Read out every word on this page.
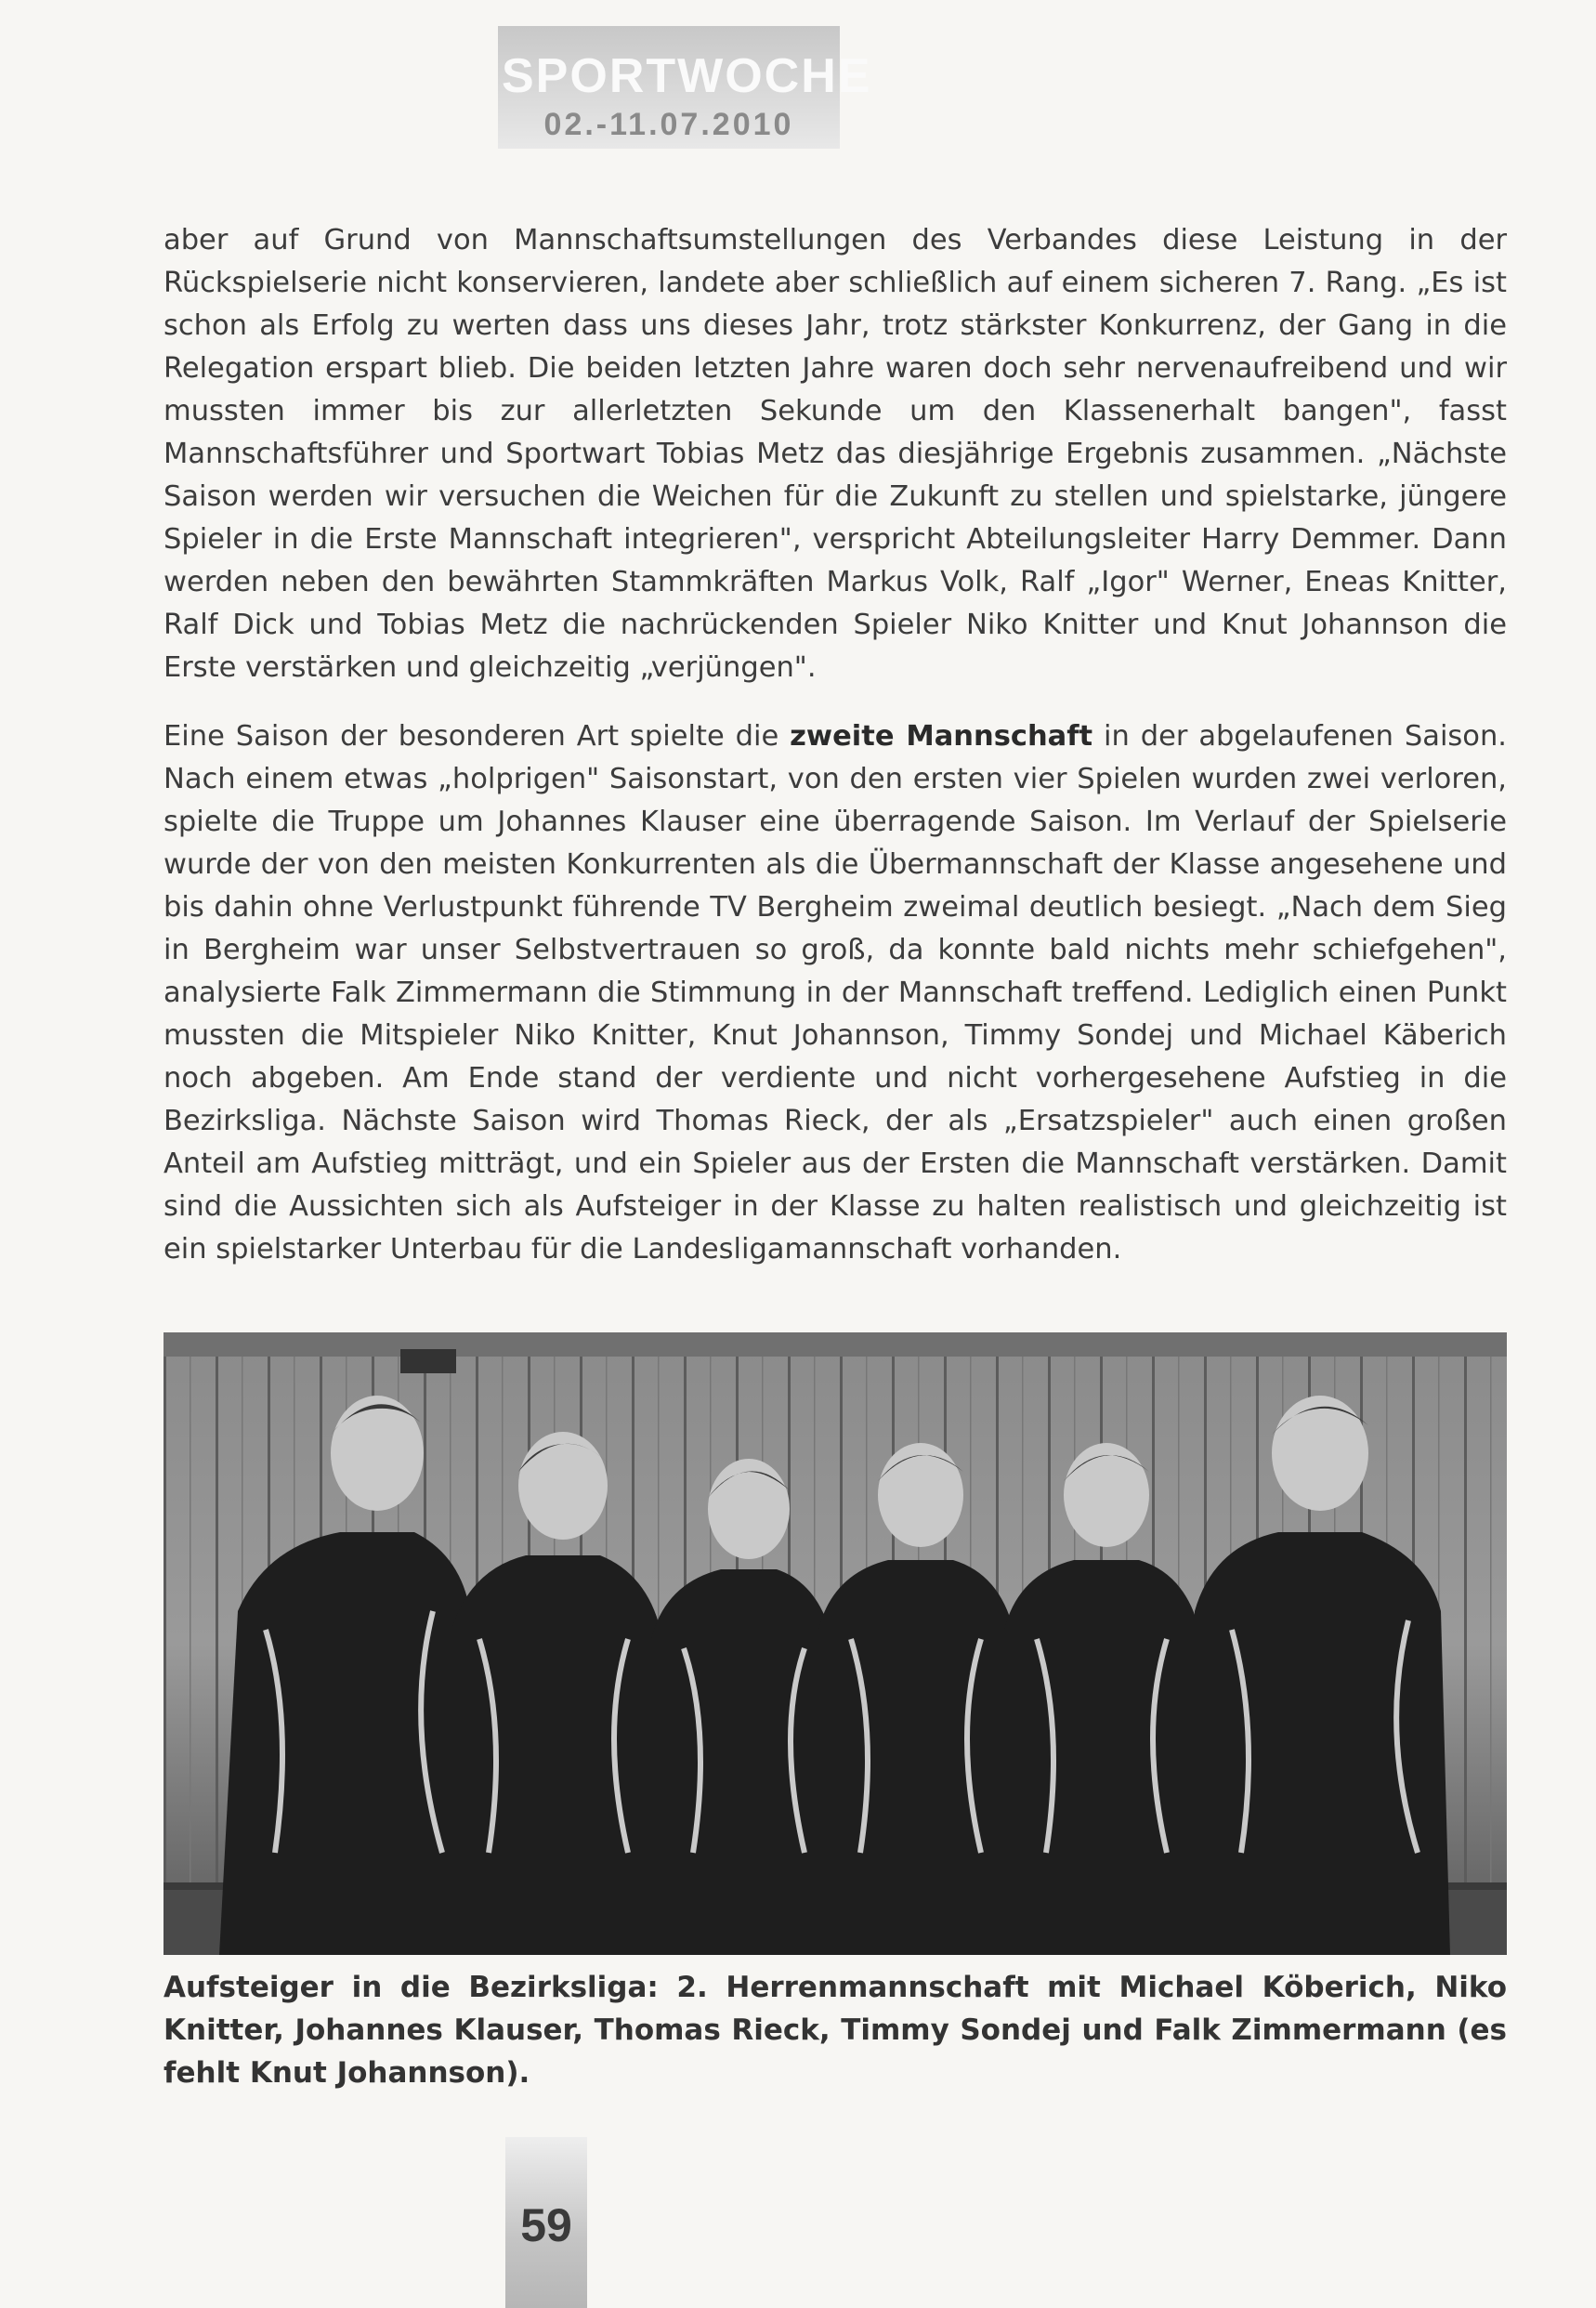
SPORTWOCHE
02.-11.07.2010
aber auf Grund von Mannschaftsumstellungen des Verbandes diese Leistung in der Rückspielserie nicht konservieren, landete aber schließlich auf einem sicheren 7. Rang. „Es ist schon als Erfolg zu werten dass uns dieses Jahr, trotz stärkster Konkurrenz, der Gang in die Relegation erspart blieb. Die beiden letzten Jahre waren doch sehr nervenaufreibend und wir mussten immer bis zur allerletzten Sekunde um den Klassenerhalt bangen", fasst Mannschaftsführer und Sportwart Tobias Metz das diesjährige Ergebnis zusammen. „Nächste Saison werden wir versuchen die Weichen für die Zukunft zu stellen und spielstarke, jüngere Spieler in die Erste Mannschaft integrieren", verspricht Abteilungsleiter Harry Demmer. Dann werden neben den bewährten Stammkräften Markus Volk, Ralf „Igor" Werner, Eneas Knitter, Ralf Dick und Tobias Metz die nachrückenden Spieler Niko Knitter und Knut Johannson die Erste verstärken und gleichzeitig „verjüngen".
Eine Saison der besonderen Art spielte die zweite Mannschaft in der abgelaufenen Saison. Nach einem etwas „holprigen" Saisonstart, von den ersten vier Spielen wurden zwei verloren, spielte die Truppe um Johannes Klauser eine überragende Saison. Im Verlauf der Spielserie wurde der von den meisten Konkurrenten als die Übermannschaft der Klasse angesehene und bis dahin ohne Verlustpunkt führende TV Bergheim zweimal deutlich besiegt. „Nach dem Sieg in Bergheim war unser Selbstvertrauen so groß, da konnte bald nichts mehr schiefgehen", analysierte Falk Zimmermann die Stimmung in der Mannschaft treffend. Lediglich einen Punkt mussten die Mitspieler Niko Knitter, Knut Johannson, Timmy Sondej und Michael Käberich noch abgeben. Am Ende stand der verdiente und nicht vorhergesehene Aufstieg in die Bezirksliga. Nächste Saison wird Thomas Rieck, der als „Ersatzspieler" auch einen großen Anteil am Aufstieg mitträgt, und ein Spieler aus der Ersten die Mannschaft verstärken. Damit sind die Aussichten sich als Aufsteiger in der Klasse zu halten realistisch und gleichzeitig ist ein spielstarker Unterbau für die Landesligamannschaft vorhanden.
Aufsteiger in die Bezirksliga: 2. Herrenmannschaft mit Michael Köberich, Niko Knitter, Johannes Klauser, Thomas Rieck, Timmy Sondej und Falk Zimmermann (es fehlt Knut Johannson).
59
